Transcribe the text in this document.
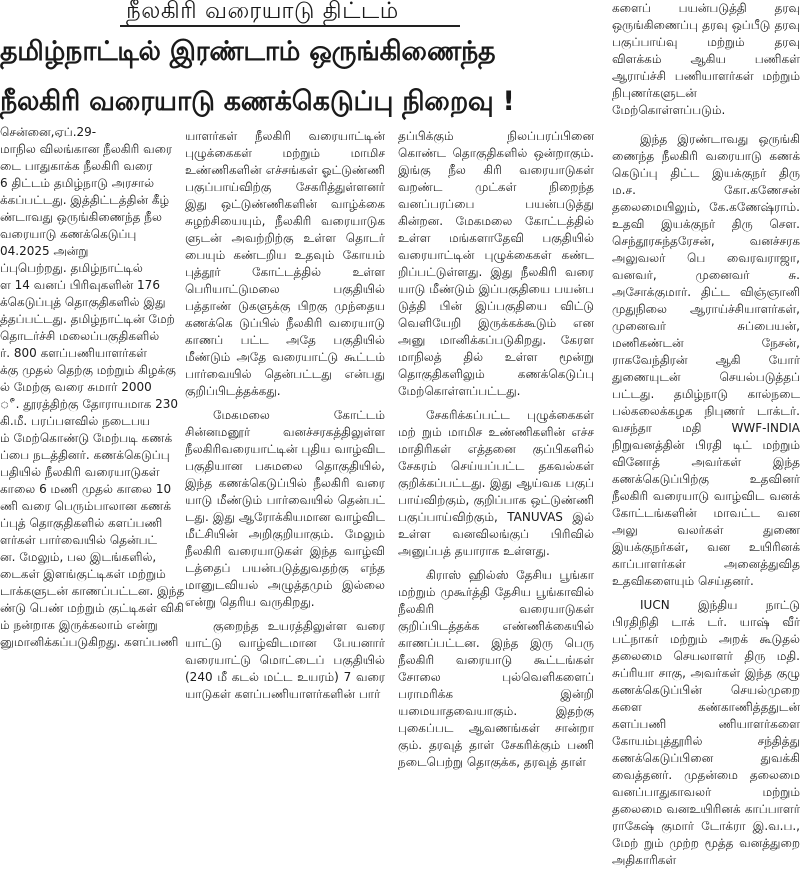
நீலகிரி வரையாடு திட்டம்
தமிழ்நாட்டில் இரண்டாம் ஒருங்கிணைந்த
நீலகிரி வரையாடு கணக்கெடுப்பு நிறைவு !
சென்னை,ஏப்.29-
மாநில விலங்கான நீலகிரி வரை
டை பாதுகாக்க நீலகிரி வரை
6 திட்டம் தமிழ்நாடு அரசால்
க்கப்பட்டது. இத்திட்டத்தின் கீழ்
ண்டாவது ஒருங்கிணைந்த நீல
வரையாடு கணக்கெடுப்பு
04.2025 அன்று
ப்புபெற்றது. தமிழ்நாட்டில்
ள 14 வனப் பிரிவுகளின் 176
க்கெடுப்புத் தொகுதிகளில் இது
த்தப்பட்டது. தமிழ்நாட்டின் மேற்
தொடர்ச்சி மலைப்பகுதிகளில்
ர். 800 களப்பணியாளர்கள்
க்கு முதல் தெற்கு மற்றும் கிழக்கு
ல் மேற்கு வரை சுமார் 2000
ீ. தூரத்திற்கு தோராயமாக 230
கி.மீ. பரப்பளவில் நடைபய
ம் மேற்கொண்டு மேற்படி கணக்
ப்பை நடத்தினர். கணக்கெடுப்பு
பதியில் நீலகிரி வரையாடுகள்
காலை 6 மணி முதல் காலை 10
ணி வரை பெரும்பாலான கணக்
ப்புத் தொகுதிகளில் களப்பணி
ளர்கள் பார்வையில் தென்பட்
ன. மேலும், பல இடங்களில்,
டைகள் இளங்குட்டிகள் மற்றும்
டாக்களுடன் காணப்பட்டன. இந்த
ண்டு பெண் மற்றும் குட்டிகள் விகி
ம் நன்றாக இருக்கலாம் என்று
னுமானிக்கப்படுகிறது. களப்பணி

யாளர்கள் நீலகிரி வரையாட்டின் புழுக்கைகள் மற்றும் மாமிச உண்ணிகளின் எச்சங்கள் ஓட்டுண்ணி பகுப்பாய்விற்கு சேகரித்துள்ளனர் இது ஒட்டுண்ணிகளின் வாழ்க்கை சுழற்சியையும், நீலகிரி வரையாடுக ளுடன் அவற்றிற்கு உள்ள தொடர் பையும் கண்டறிய உதவும் கோயம் புத்தூர் கோட்டத்தில் உள்ள பெரியாட்டுமலை பகுதியில் பத்தாண் டுகளுக்கு பிறகு முந்தைய கணக்கெ டுப்பில் நீலகிரி வரையாடு காணப் பட்ட அதே பகுதியில் மீண்டும் அதே வரையாட்டு கூட்டம் பார்வையில் தென்பட்டது என்பது குறிப்பிடத்தக்கது.

மேகமலை கோட்டம் சின்னமனூர் வனச்சரகத்திலுள்ள நீலகிரிவரையாட்டின் புதிய வாழ்விட பகுதியான பசுமலை தொகுதியில், இந்த கணக்கெடுப்பில் நீலகிரி வரை யாடு மீண்டும் பார்வையில் தென்பட் டது. இது ஆரோக்கியமான வாழ்விட மீட்சியின் அறிகுறியாகும். மேலும் நீலகிரி வரையாடுகள் இந்த வாழ்வி டத்தைப் பயன்படுத்துவதற்கு எந்த மானுடவியல் அழுத்தமும் இல்லை என்று தெரிய வருகிறது.

குறைந்த உயரத்திலுள்ள வரை யாட்டு வாழ்விடமான பேயனார் வரையாட்டு மொட்டைப் பகுதியில் (240 மீ கடல் மட்ட உயரம்) 7 வரை யாடுகள் களப்பணியாளர்களின் பார்

தப்பிக்கும் நிலப்பரப்பினை கொண்ட தொகுதிகளில் ஒன்றாகும். இங்கு நீல கிரி வரையாடுகள் வறண்ட முட்கள் நிறைந்த வனப்பரப்பை பயன்படுத்து கின்றன. மேகமலை கோட்டத்தில் உள்ள மங்களாதேவி பகுதியில் வரையாட்டின் புழுக்கைகள் கண்ட றிப்பட்டுள்ளது. இது நீலகிரி வரை யாடு மீண்டும் இப்பகுதியை பயன்ப டுத்தி பின் இப்பகுதியை விட்டு வெளியேறி இருக்கக்கூடும் என அனு மானிக்கப்படுகிறது. கேரள மாநிலத் தில் உள்ள மூன்று தொகுதிகளிலும் கணக்கெடுப்பு மேற்கொள்ளப்பட்டது.

சேகரிக்கப்பட்ட புழுக்கைகள் மற் றும் மாமிச உண்ணிகளின் எச்ச மாதிரிகள் எத்தனை குப்பிகளில் சேகரம் செய்யப்பட்ட தகவல்கள் குறிக்கப்பட்டது. இது ஆய்வக பகுப் பாய்விற்கும், குறிப்பாக ஒட்டுண்ணி பகுப்பாய்விற்கும், TANUVAS இல் உள்ள வனவிலங்குப் பிரிவில் அனுப்பத் தயாராக உள்ளது.

கிராஸ் ஹில்ஸ் தேசிய பூங்கா மற்றும் முகூர்த்தி தேசிய பூங்காவில் நீலகிரி வரையாடுகள் குறிப்பிடத்தக்க எண்ணிக்கையில் காணப்பட்டன. இந்த இரு பெரு நீலகிரி வரையாடு கூட்டங்கள் சோலை புல்வெளிகளைப் பராமரிக்க இன்றி யமையாதவையாகும். இதற்கு புகைப்பட ஆவணங்கள் சான்றா கும். தரவுத் தாள் சேகரிக்கும் பணி நடைபெற்று தொகுக்க, தரவுத் தாள்

களைப் பயன்படுத்தி தரவு ஒருங்கிணைப்பு தரவு ஒப்பீடு தரவு பகுப்பாய்வு மற்றும் தரவு விளக்கம் ஆகிய பணிகள் ஆராய்ச்சி பணியாளர்கள் மற்றும் நிபுணர்களுடன் மேற்கொள்ளப்படும்.

இந்த இரண்டாவது ஒருங்கி ணைந்த நீலகிரி வரையாடு கணக் கெடுப்பு திட்ட இயக்குநர் திரு ம.ச. கோ.கணேசன் தலைமையிலும், கே.கணேஷ்ராம். உதவி இயக்குநர் திரு சௌ. செந்தூரசுந்தரேசன், வனச்சரக அலுவலர் பெ வைரவராஜா, வனவர், முனைவர் சு. அசோக்குமார். திட்ட விஞ்ஞானி முதுநிலை ஆராய்ச்சியாளர்கள், முனைவர் சுப்பையன், மணிகண்டன் நேசன், ராகவேந்திரன் ஆகி யோர் துணையுடன் செயல்படுத்தப் பட்டது. தமிழ்நாடு கால்நடை பல்கலைக்கழக நிபுணர் டாக்டர். வசந்தா மதி WWF-INDIA நிறுவனத்தின் பிரதி டிட் மற்றும் வினோத் அவர்கள் இந்த கணக்கெடுப்பிற்கு உதவினர் நீலகிரி வரையாடு வாழ்விட வனக் கோட்டங்களின் மாவட்ட வன அலு வலர்கள் துணை இயக்குநர்கள், வன உயிரினக் காப்பாளர்கள் அனைத்துவித உதவிகளையும் செய்தனர்.

IUCN இந்திய நாட்டு பிரதிநிதி டாக் டர். யாஷ் வீர் பட்நாகர் மற்றும் அறக் கூடுதல் தலைமை செயலாளர் திரு மதி. சுப்ரியா சாகு, அவர்கள் இந்த குழு கணக்கெடுப்பின் செயல்முறை களை கண்காணித்ததுடன் களப்பணி ணியாளர்களை கோயம்புத்தூரில் சந்தித்து கணக்கெடுப்பினை துவக்கி வைத்தனர். முதன்மை தலைமை வனப்பாதுகாவலர் மற்றும் தலைமை வனஉயிரினக் காப்பாளர் ராகேஷ் குமார் டோக்ரா இ.வ.ப., மேற் றும் முற்ற மூத்த வனத்துறை அதிகாரிகள்
